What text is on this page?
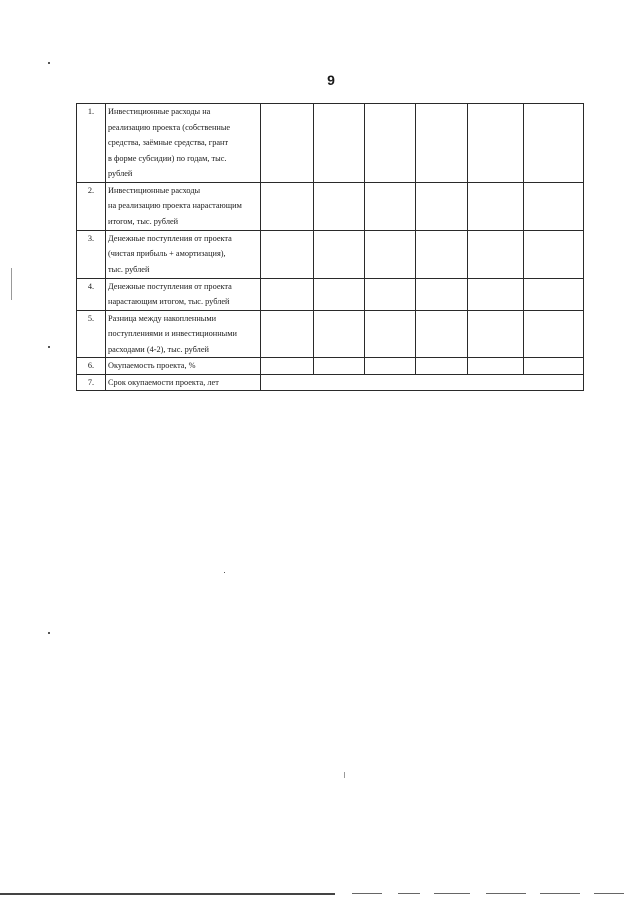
9
1.	Инвестиционные расходы на
реализацию проекта (собственные
средства, заёмные средства, грант
в форме субсидии) по годам, тыс.
рублей						
2.	Инвестиционные расходы
на реализацию проекта нарастающим
итогом, тыс. рублей						
3.	Денежные поступления от проекта
(чистая прибыль + амортизация),
тыс. рублей						
4.	Денежные поступления от проекта
нарастающим итогом, тыс. рублей						
5.	Разница между накопленными
поступлениями и инвестиционными
расходами (4-2), тыс. рублей						
6.	Окупаемость проекта, %						
7.	Срок окупаемости проекта, лет						
